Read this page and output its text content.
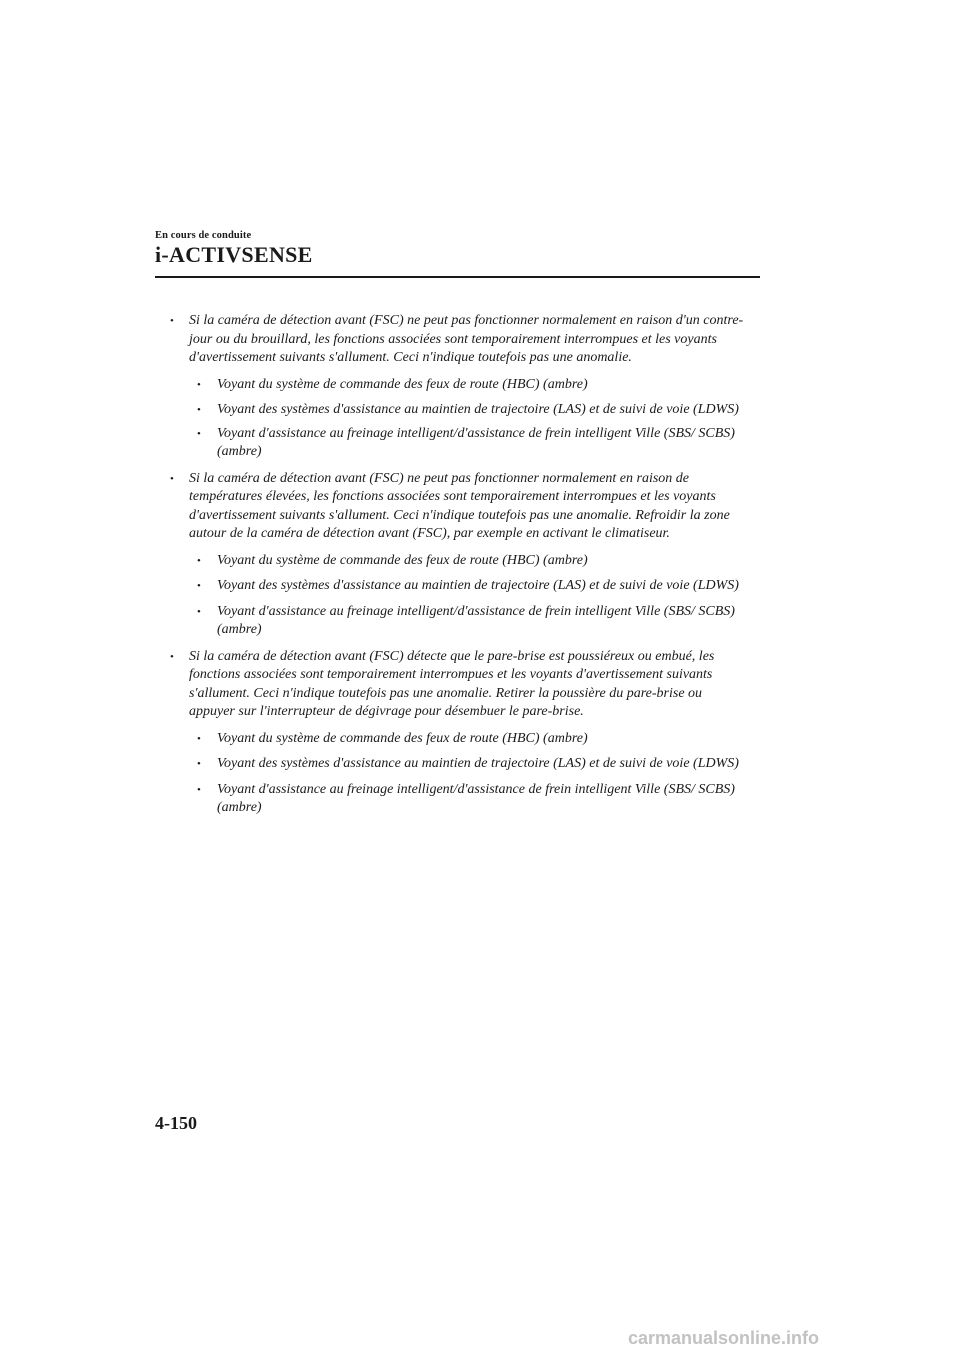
En cours de conduite
i-ACTIVSENSE
• Si la caméra de détection avant (FSC) ne peut pas fonctionner normalement en raison d'un contre-jour ou du brouillard, les fonctions associées sont temporairement interrompues et les voyants d'avertissement suivants s'allument. Ceci n'indique toutefois pas une anomalie.
• Voyant du système de commande des feux de route (HBC) (ambre)
• Voyant des systèmes d'assistance au maintien de trajectoire (LAS) et de suivi de voie (LDWS)
• Voyant d'assistance au freinage intelligent/d'assistance de frein intelligent Ville (SBS/ SCBS) (ambre)
• Si la caméra de détection avant (FSC) ne peut pas fonctionner normalement en raison de températures élevées, les fonctions associées sont temporairement interrompues et les voyants d'avertissement suivants s'allument. Ceci n'indique toutefois pas une anomalie. Refroidir la zone autour de la caméra de détection avant (FSC), par exemple en activant le climatiseur.
• Voyant du système de commande des feux de route (HBC) (ambre)
• Voyant des systèmes d'assistance au maintien de trajectoire (LAS) et de suivi de voie (LDWS)
• Voyant d'assistance au freinage intelligent/d'assistance de frein intelligent Ville (SBS/ SCBS) (ambre)
• Si la caméra de détection avant (FSC) détecte que le pare-brise est poussiéreux ou embué, les fonctions associées sont temporairement interrompues et les voyants d'avertissement suivants s'allument. Ceci n'indique toutefois pas une anomalie. Retirer la poussière du pare-brise ou appuyer sur l'interrupteur de dégivrage pour désembuer le pare-brise.
• Voyant du système de commande des feux de route (HBC) (ambre)
• Voyant des systèmes d'assistance au maintien de trajectoire (LAS) et de suivi de voie (LDWS)
• Voyant d'assistance au freinage intelligent/d'assistance de frein intelligent Ville (SBS/ SCBS) (ambre)
4-150
carmanualsonline.info
